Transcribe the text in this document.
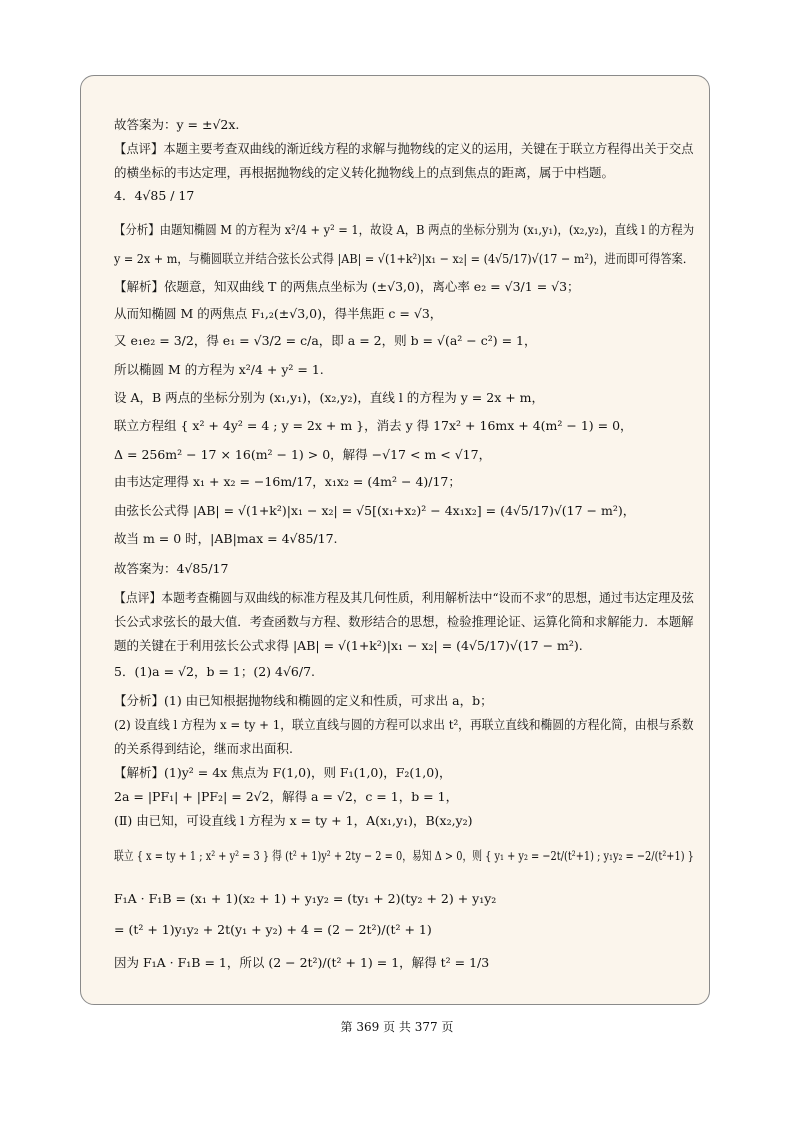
故答案为：y = ±√2x.
【点评】本题主要考查双曲线的渐近线方程的求解与抛物线的定义的运用，关键在于联立方程得出关于交点
的横坐标的韦达定理，再根据抛物线的定义转化抛物线上的点到焦点的距离，属于中档题。
4．4√85 / 17
【分析】由题知椭圆 M 的方程为 x²/4 + y² = 1，故设 A，B 两点的坐标分别为 (x₁,y₁)，(x₂,y₂)，直线 l 的方程为
y = 2x + m，与椭圆联立并结合弦长公式得 |AB| = √(1+k²)|x₁ − x₂| = (4√5/17)√(17 − m²)，进而即可得答案．
【解析】依题意，知双曲线 T 的两焦点坐标为 (±√3,0)，离心率 e₂ = √3/1 = √3；
从而知椭圆 M 的两焦点 F₁,₂(±√3,0)，得半焦距 c = √3，
又 e₁e₂ = 3/2，得 e₁ = √3/2 = c/a，即 a = 2，则 b = √(a² − c²) = 1，
所以椭圆 M 的方程为 x²/4 + y² = 1.
设 A，B 两点的坐标分别为 (x₁,y₁)，(x₂,y₂)，直线 l 的方程为 y = 2x + m，
联立方程组 { x² + 4y² = 4 ; y = 2x + m }，消去 y 得 17x² + 16mx + 4(m² − 1) = 0，
Δ = 256m² − 17 × 16(m² − 1) > 0，解得 −√17 < m < √17，
由韦达定理得 x₁ + x₂ = −16m/17，x₁x₂ = (4m² − 4)/17；
由弦长公式得 |AB| = √(1+k²)|x₁ − x₂| = √5[(x₁+x₂)² − 4x₁x₂] = (4√5/17)√(17 − m²)，
故当 m = 0 时，|AB|max = 4√85/17.
故答案为：4√85/17
【点评】本题考查椭圆与双曲线的标准方程及其几何性质，利用解析法中“设而不求”的思想，通过韦达定理及弦
长公式求弦长的最大值．考查函数与方程、数形结合的思想，检验推理论证、运算化简和求解能力．本题解
题的关键在于利用弦长公式求得 |AB| = √(1+k²)|x₁ − x₂| = (4√5/17)√(17 − m²).
5．(1)a = √2，b = 1；(2) 4√6/7.
【分析】(1) 由已知根据抛物线和椭圆的定义和性质，可求出 a，b；
(2) 设直线 l 方程为 x = ty + 1，联立直线与圆的方程可以求出 t²，再联立直线和椭圆的方程化简，由根与系数
的关系得到结论，继而求出面积.
【解析】(1)y² = 4x 焦点为 F(1,0)，则 F₁(1,0)，F₂(1,0)，
2a = |PF₁| + |PF₂| = 2√2，解得 a = √2，c = 1，b = 1，
(Ⅱ) 由已知，可设直线 l 方程为 x = ty + 1，A(x₁,y₁)，B(x₂,y₂)
联立 { x = ty + 1 ; x² + y² = 3 } 得 (t² + 1)y² + 2ty − 2 = 0，易知 Δ > 0，则 { y₁ + y₂ = −2t/(t²+1) ; y₁y₂ = −2/(t²+1) }
F₁A · F₁B = (x₁ + 1)(x₂ + 1) + y₁y₂ = (ty₁ + 2)(ty₂ + 2) + y₁y₂
= (t² + 1)y₁y₂ + 2t(y₁ + y₂) + 4 = (2 − 2t²)/(t² + 1)
因为 F₁A · F₁B = 1，所以 (2 − 2t²)/(t² + 1) = 1，解得 t² = 1/3
第 369 页 共 377 页
